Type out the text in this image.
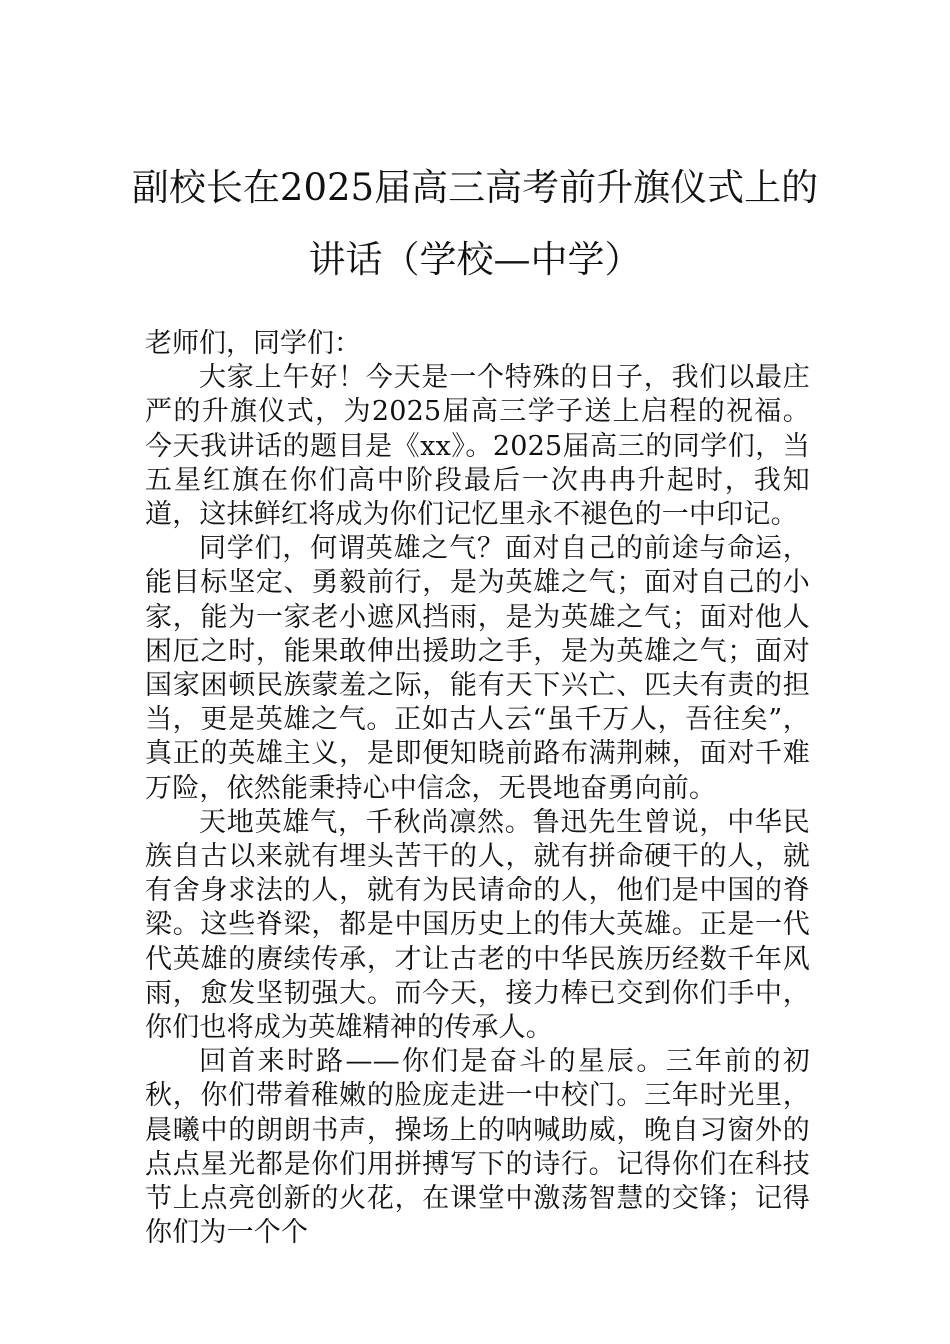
副校长在2025届高三高考前升旗仪式上的
讲话（学校—中学）

老师们，同学们：

大家上午好！今天是一个特殊的日子，我们以最庄严的升旗仪式，为2025届高三学子送上启程的祝福。今天我讲话的题目是《xx》。2025届高三的同学们，当五星红旗在你们高中阶段最后一次冉冉升起时，我知道，这抹鲜红将成为你们记忆里永不褪色的一中印记。

同学们，何谓英雄之气？面对自己的前途与命运，能目标坚定、勇毅前行，是为英雄之气；面对自己的小家，能为一家老小遮风挡雨，是为英雄之气；面对他人困厄之时，能果敢伸出援助之手，是为英雄之气；面对国家困顿民族蒙羞之际，能有天下兴亡、匹夫有责的担当，更是英雄之气。正如古人云“虽千万人，吾往矣”，真正的英雄主义，是即便知晓前路布满荆棘，面对千难万险，依然能秉持心中信念，无畏地奋勇向前。

天地英雄气，千秋尚凛然。鲁迅先生曾说，中华民族自古以来就有埋头苦干的人，就有拼命硬干的人，就有舍身求法的人，就有为民请命的人，他们是中国的脊梁。这些脊梁，都是中国历史上的伟大英雄。正是一代代英雄的赓续传承，才让古老的中华民族历经数千年风雨，愈发坚韧强大。而今天，接力棒已交到你们手中，你们也将成为英雄精神的传承人。

回首来时路——你们是奋斗的星辰。三年前的初秋，你们带着稚嫩的脸庞走进一中校门。三年时光里，晨曦中的朗朗书声，操场上的呐喊助威，晚自习窗外的点点星光都是你们用拼搏写下的诗行。记得你们在科技节上点亮创新的火花，在课堂中激荡智慧的交锋；记得你们为一个个
